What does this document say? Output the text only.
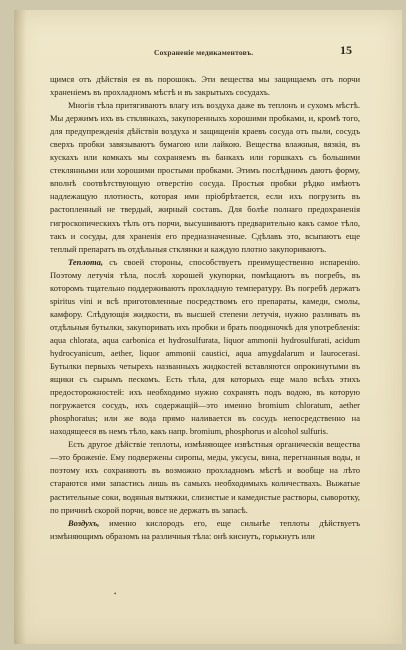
Сохраненіе медикаментовъ.	15

щимся отъ дѣйствія ея въ порошокъ. Эти вещества мы защищаемъ отъ порчи храненіемъ въ прохладномъ мѣстѣ и въ закрытыхъ сосудахъ.

Многія тѣла притягиваютъ влагу изъ воздуха даже въ теплонъ и сухомъ мѣстѣ. Мы держимъ ихъ въ стклянкахъ, закупоренныхъ хорошими пробками, и, кромѣ того, для предупрежденія дѣйствія воздуха и защищенія краевъ сосуда отъ пыли, сосудъ сверхъ пробки завязываютъ бумагою или лайкою. Вещества влажныя, вязкія, въ кускахъ или комкахъ мы сохраняемъ въ банкахъ или горшкахъ съ большими стеклянными или хорошими простыми пробками. Этимъ послѣднимъ даютъ форму, вполнѣ соотвѣтствующую отверстію сосуда. Простыя пробки рѣдко имѣютъ надлежащую плотность, которая ими пріобрѣтается, если ихъ погрузить въ растопленный не твердый, жирный составъ. Для болѣе полнаго предохраненія гигроскопическихъ тѣлъ отъ порчи, высушиваютъ предварительно какъ самое тѣло, такъ и сосуды, для храненія его предназначенные. Сдѣлавъ это, всыпаютъ еще теплый препаратъ въ отдѣльныя стклянки и каждую плотно закупориваютъ.

Теплота, съ своей стороны, способствуетъ преимущественно испаренію. Поэтому летучія тѣла, послѣ хорошей укупорки, помѣщаютъ въ погребъ, въ которомъ тщательно поддерживаютъ прохладную температуру. Въ погребѣ держатъ spiritus vini и всѣ приготовленные посредствомъ его препараты, камеди, смолы, камфору. Слѣдующія жидкости, въ высшей степени летучія, нужно разливать въ отдѣльныя бутылки, закупоривать ихъ пробки и брать поодиночкѣ для употребленія: aqua chlorata, aqua carbonica et hydrosulfurata, liquor ammonii hydrosulfurati, acidum hydrocyanicum, aether, liquor ammonii caustici, aqua amygdalarum и laurocerasi. Бутылки первыхъ четырехъ названныхъ жидкостей вставляются опрокинутыми въ ящики съ сырымъ пескомъ. Есть тѣла, для которыхъ еще мало всѣхъ этихъ предосторожностей: ихъ необходимо нужно сохранять подъ водою, въ которую погружается сосудъ, ихъ содержащій—это именно bromium chloratum, aether phosphoratus; или же вода прямо наливается въ сосудъ непосредственно на находящееся въ немъ тѣло, какъ напр. bromium, phosphorus и alcohol sulfuris.

Есть другое дѣйствіе теплоты, измѣняющее извѣстныя органическія вещества—это броженіе. Ему подвержены сиропы, меды, уксусы, вина, перегнанныя воды, и поэтому ихъ сохраняютъ въ возможно прохладномъ мѣстѣ и вообще на лѣто стараются ими запастись лишь въ самыхъ необходимыхъ количествахъ. Выжатые растительные соки, водяныя вытяжки, слизистые и камедистые растворы, сыворотку, по причинѣ скорой порчи, вовсе не держатъ въ запасѣ.

Воздухъ, именно кислородъ его, еще сильнѣе теплоты дѣйствуетъ измѣняющимъ образомъ на различныя тѣла: онѣ киснутъ, горькнутъ или

•
